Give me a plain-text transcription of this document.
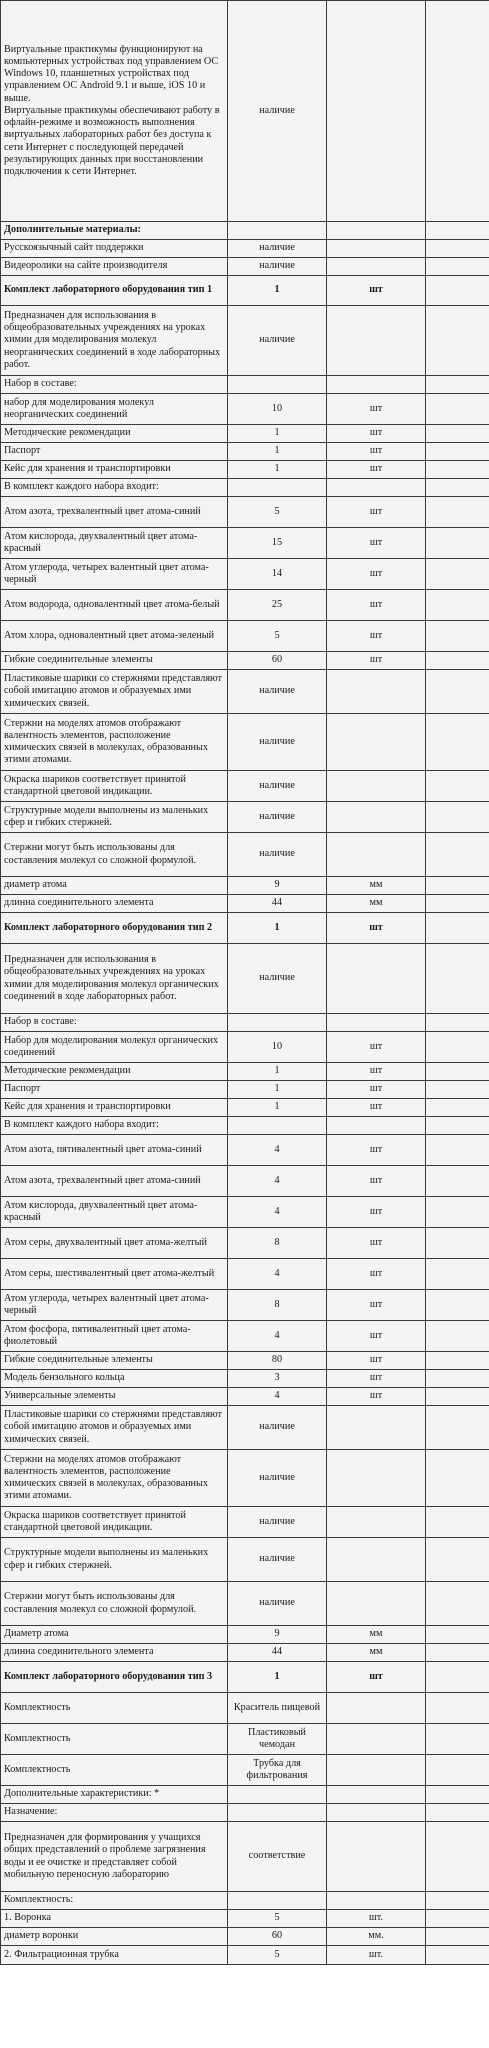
Виртуальные практикумы функционируют на компьютерных устройствах под управлением ОС Windows 10, планшетных устройствах под управлением ОС Android 9.1 и выше, iOS 10 и выше.
Виртуальные практикумы обеспечивают работу в офлайн-режиме и возможность выполнения виртуальных лабораторных работ без доступа к сети Интернет с последующей передачей результирующих данных при восстановлении подключения к сети Интернет.	наличие		
Дополнительные материалы:			
Русскоязычный сайт поддержки	наличие		
Видеоролики на сайте производителя	наличие		
Комплект лабораторного оборудования тип 1	1	шт	
Предназначен для использования в общеобразовательных учреждениях на уроках химии для моделирования молекул неорганических соединений в ходе лабораторных работ.	наличие		
Набор в составе:			
набор для моделирования молекул неорганических соединений	10	шт	
Методические рекомендации	1	шт	
Паспорт	1	шт	
Кейс для хранения и транспортировки	1	шт	
В комплект каждого набора входит:			
Атом азота, трехвалентный цвет атома-синий	5	шт	
Атом кислорода, двухвалентный цвет атома-красный	15	шт	
Атом углерода, четырех валентный цвет атома- черный	14	шт	
Атом водорода, одновалентный цвет атома-белый	25	шт	
Атом хлора, одновалентный цвет атома-зеленый	5	шт	
Гибкие соединительные элементы	60	шт	
Пластиковые шарики со стержнями представляют собой имитацию атомов и образуемых ими химических связей.	наличие		
Стержни на моделях атомов отображают валентность элементов, расположение химических связей в молекулах, образованных этими атомами.	наличие		
Окраска шариков соответствует принятой стандартной цветовой индикации.	наличие		
Структурные модели выполнены из маленьких сфер и гибких стержней.	наличие		
Стержни могут быть использованы для составления молекул со сложной формулой.	наличие		
диаметр атома	9	мм	
длинна соединительного элемента	44	мм	
Комплект лабораторного оборудования тип 2	1	шт	
Предназначен для использования в общеобразовательных учреждениях на уроках химии для моделирования молекул органических соединений в ходе лабораторных работ.	наличие		
Набор в составе:			
Набор для моделирования молекул органических соединений	10	шт	
Методические рекомендации	1	шт	
Паспорт	1	шт	
Кейс для хранения и транспортировки	1	шт	
В комплект каждого набора входит:			
Атом азота, пятивалентный цвет атома-синий	4	шт	
Атом азота, трехвалентный цвет атома-синий	4	шт	
Атом кислорода, двухвалентный цвет атома-красный	4	шт	
Атом серы, двухвалентный цвет атома-желтый	8	шт	
Атом серы, шестивалентный цвет атома-желтый	4	шт	
Атом углерода, четырех валентный цвет атома- черный	8	шт	
Атом фосфора, пятивалентный цвет атома-фиолетовый	4	шт	
Гибкие соединительные элементы	80	шт	
Модель бензольного кольца	3	шт	
Универсальные элементы	4	шт	
Пластиковые шарики со стержнями представляют собой имитацию атомов и образуемых ими химических связей.	наличие		
Стержни на моделях атомов отображают валентность элементов, расположение химических связей в молекулах, образованных этими атомами.	наличие		
Окраска шариков соответствует принятой стандартной цветовой индикации.	наличие		
Структурные модели выполнены из маленьких сфер и гибких стержней.	наличие		
Стержни могут быть использованы для составления молекул со сложной формулой.	наличие		
Диаметр атома	9	мм	
длинна соединительного элемента	44	мм	
Комплект лабораторного оборудования тип 3	1	шт	
Комплектность	Краситель пищевой		
Комплектность	Пластиковый чемодан		
Комплектность	Трубка для фильтрования		
Дополнительные характеристики: *			
Назначение:			
Предназначен для формирования у учащихся общих представлений о проблеме загрязнения воды и ее очистке и представляет собой мобильную переносную лабораторию	соответствие		
Комплектность:			
1. Воронка	5	шт.	
диаметр воронки	60	мм.	
2. Фильтрационная трубка	5	шт.	
